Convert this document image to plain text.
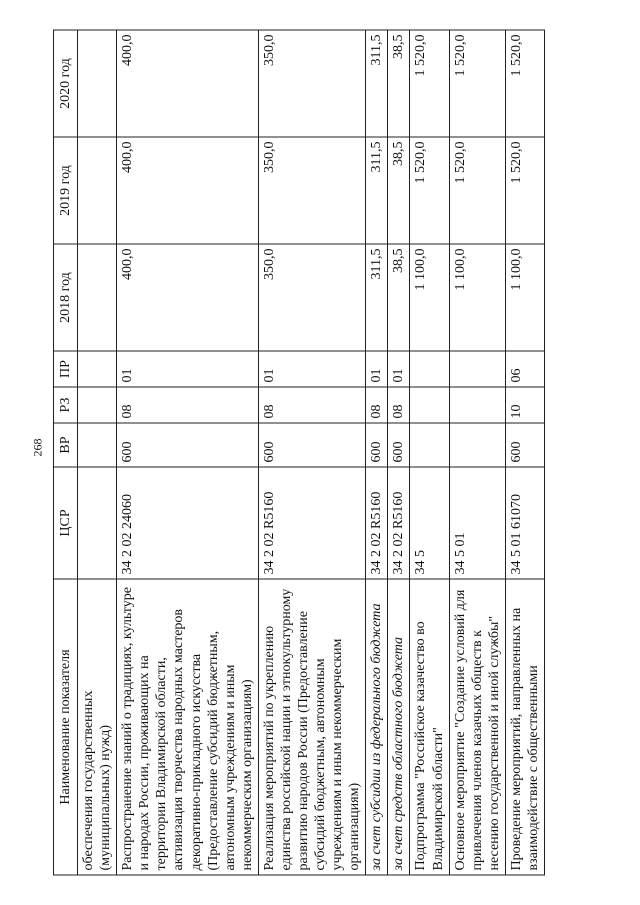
268
Наименование показателя	ЦСР	ВР	РЗ	ПР	2018 год	2019 год	2020 год
обеспечения государственных (муниципальных) нужд)							
Распространение знаний о традициях, культуре и народах России, проживающих на территории Владимирской области, активизация творчества народных мастеров декоративно-прикладного искусства (Предоставление субсидий бюджетным, автономным учреждениям и иным некоммерческим организациям)	34 2 02 24060	600	08	01	400,0	400,0	400,0
Реализация мероприятий по укреплению единства российской нации и этнокультурному развитию народов России (Предоставление субсидий бюджетным, автономным учреждениям и иным некоммерческим организациям)	34 2 02 R5160	600	08	01	350,0	350,0	350,0
за счет субсидии из федерального бюджета	34 2 02 R5160	600	08	01	311,5	311,5	311,5
за счет средств областного бюджета	34 2 02 R5160	600	08	01	38,5	38,5	38,5
Подпрограмма "Российское казачество во Владимирской области"	34 5				1 100,0	1 520,0	1 520,0
Основное мероприятие "Создание условий для привлечения членов казачьих обществ к несению государственной и иной службы"	34 5 01				1 100,0	1 520,0	1 520,0
Проведение мероприятий, направленных на взаимодействие с общественными	34 5 01 61070	600	10	06	1 100,0	1 520,0	1 520,0
